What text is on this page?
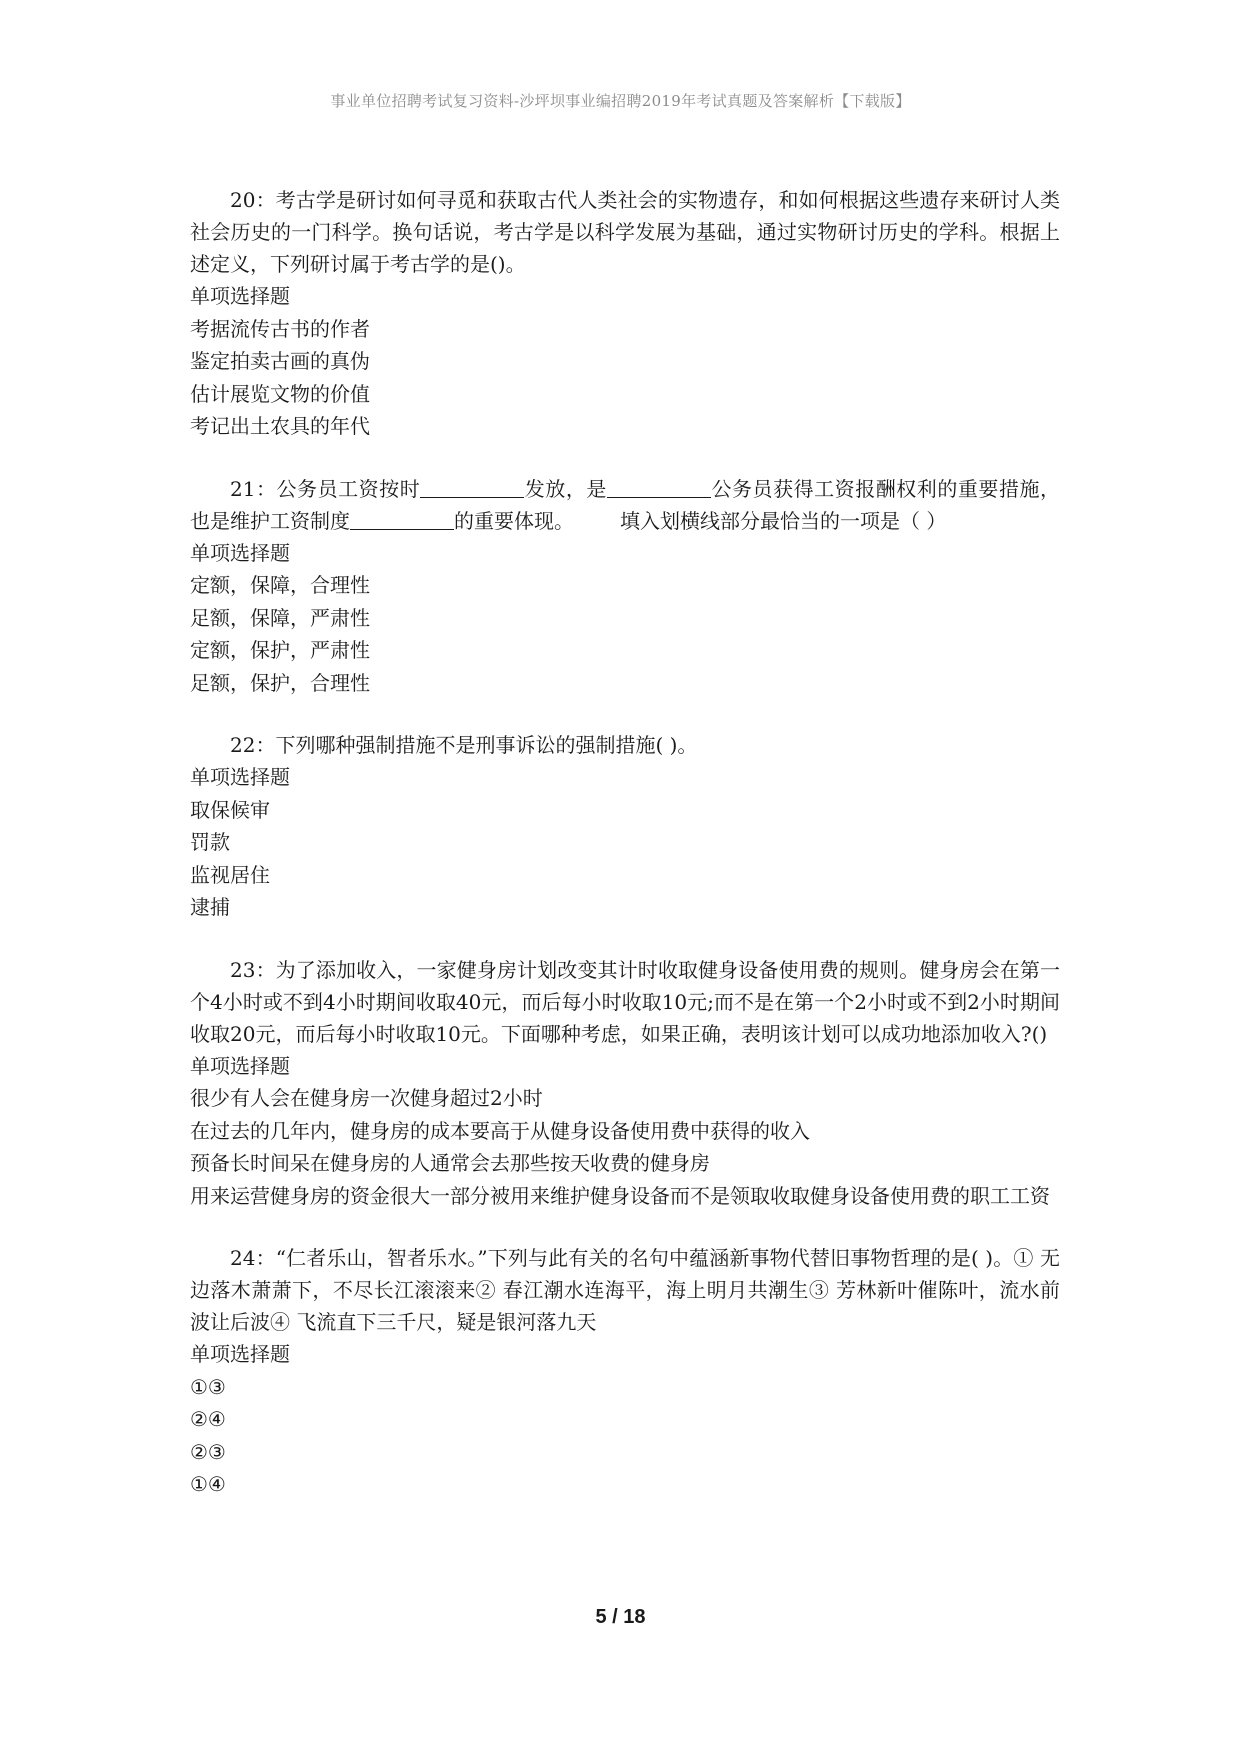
事业单位招聘考试复习资料-沙坪坝事业编招聘2019年考试真题及答案解析【下载版】

20：考古学是研讨如何寻觅和获取古代人类社会的实物遗存，和如何根据这些遗存来研讨人类社会历史的一门科学。换句话说，考古学是以科学发展为基础，通过实物研讨历史的学科。根据上述定义，下列研讨属于考古学的是()。

单项选择题

考据流传古书的作者

鉴定拍卖古画的真伪

估计展览文物的价值

考记出土农具的年代

21：公务员工资按时	发放，是	公务员获得工资报酬权利的重要措施，也是维护工资制度	的重要体现。 填入划横线部分最恰当的一项是（ ）

单项选择题

定额，保障，合理性

足额，保障，严肃性

定额，保护，严肃性

足额，保护，合理性

22：下列哪种强制措施不是刑事诉讼的强制措施( )。

单项选择题

取保候审

罚款

监视居住

逮捕

23：为了添加收入，一家健身房计划改变其计时收取健身设备使用费的规则。健身房会在第一个4小时或不到4小时期间收取40元，而后每小时收取10元;而不是在第一个2小时或不到2小时期间收取20元，而后每小时收取10元。下面哪种考虑，如果正确，表明该计划可以成功地添加收入?()

单项选择题

很少有人会在健身房一次健身超过2小时

在过去的几年内，健身房的成本要高于从健身设备使用费中获得的收入

预备长时间呆在健身房的人通常会去那些按天收费的健身房

用来运营健身房的资金很大一部分被用来维护健身设备而不是领取收取健身设备使用费的职工工资

24：“仁者乐山，智者乐水。”下列与此有关的名句中蕴涵新事物代替旧事物哲理的是( )。① 无边落木萧萧下，不尽长江滚滚来② 春江潮水连海平，海上明月共潮生③ 芳林新叶催陈叶，流水前波让后波④ 飞流直下三千尺，疑是银河落九天

单项选择题

①③

②④

②③

①④

5 / 18
